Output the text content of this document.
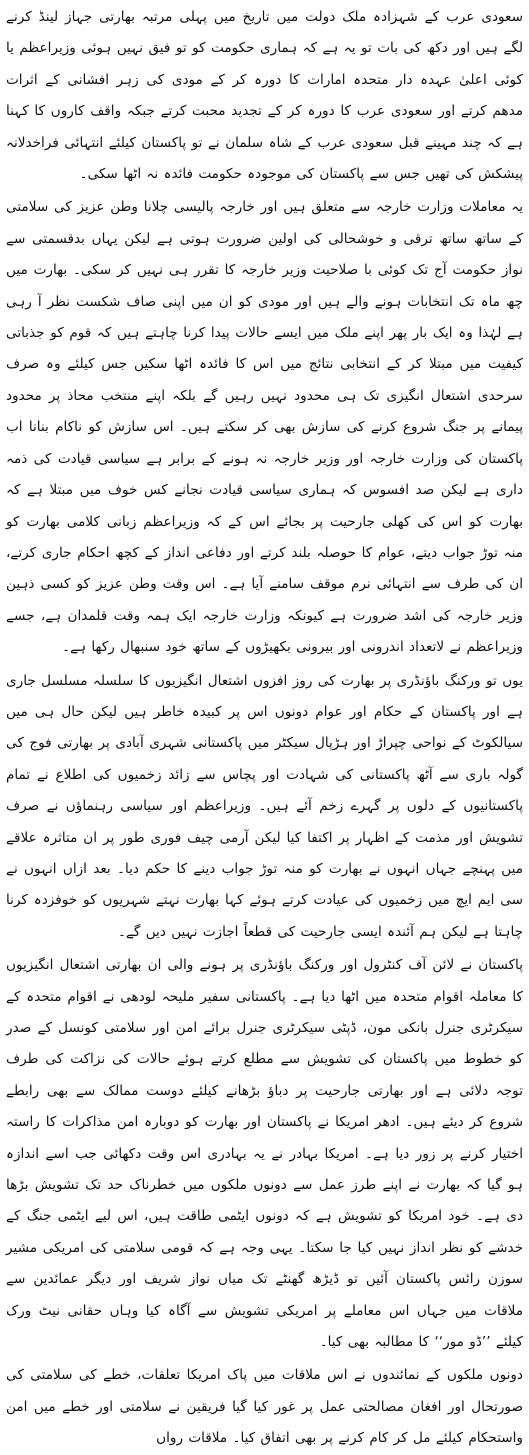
سعودی عرب کے شہزادہ ملک دولت میں تاریخ میں پہلی مرتبہ بھارتی جہاز لینڈ کرنے لگے ہیں اور دکھ کی بات تو یہ ہے کہ ہماری حکومت کو تو فیق نہیں ہوئی وزیراعظم یا کوئی اعلیٰ عہدہ دار متحدہ امارات کا دورہ کر کے مودی کی زہر افشانی کے اثرات مدھم کرتے اور سعودی عرب کا دورہ کر کے تجدید محبت کرتے جبکہ واقف کاروں کا کہنا ہے کہ چند مہینے قبل سعودی عرب کے شاہ سلمان نے تو پاکستان کیلئے انتہائی فراخدلانہ پیشکش کی تھیں جس سے پاکستان کی موجودہ حکومت فائدہ نہ اٹھا سکی۔

یہ معاملات وزارت خارجہ سے متعلق ہیں اور خارجہ پالیسی چلانا وطن عزیز کی سلامتی کے ساتھ ساتھ ترقی و خوشحالی کی اولین ضرورت ہوتی ہے لیکن یہاں بدقسمتی سے نواز حکومت آج تک کوئی با صلاحیت وزیر خارجہ کا تقرر ہی نہیں کر سکی۔ بھارت میں چھ ماہ تک انتخابات ہونے والے ہیں اور مودی کو ان میں اپنی صاف شکست نظر آ رہی ہے لہٰذا وہ ایک بار پھر اپنے ملک میں ایسے حالات پیدا کرنا چاہتے ہیں کہ قوم کو جذباتی کیفیت میں مبتلا کر کے انتخابی نتائج میں اس کا فائدہ اٹھا سکیں جس کیلئے وہ صرف سرحدی اشتعال انگیزی تک ہی محدود نہیں رہیں گے بلکہ اپنے منتخب محاذ پر محدود پیمانے پر جنگ شروع کرنے کی سازش بھی کر سکتے ہیں۔ اس سازش کو ناکام بنانا اب پاکستان کی وزارت خارجہ اور وزیر خارجہ نہ ہونے کے برابر ہے سیاسی قیادت کی ذمہ داری ہے لیکن صد افسوس کہ ہماری سیاسی قیادت نجانے کس خوف میں مبتلا ہے کہ بھارت کو اس کی کھلی جارحیت پر بجائے اس کے کہ وزیراعظم زبانی کلامی بھارت کو منہ توڑ جواب دیتے، عوام کا حوصلہ بلند کرتے اور دفاعی انداز کے کچھ احکام جاری کرتے، ان کی طرف سے انتہائی نرم موقف سامنے آیا ہے۔ اس وقت وطن عزیز کو کسی ذہین وزیر خارجہ کی اشد ضرورت ہے کیونکہ وزارت خارجہ ایک ہمہ وقت قلمدان ہے، جسے وزیراعظم نے لاتعداد اندرونی اور بیرونی بکھیڑوں کے ساتھ خود سنبھال رکھا ہے۔

یوں تو ورکنگ باؤنڈری پر بھارت کی روز افزوں اشتعال انگیزیوں کا سلسلہ مسلسل جاری ہے اور پاکستان کے حکام اور عوام دونوں اس پر کبیدہ خاطر ہیں لیکن حال ہی میں سیالکوٹ کے نواحی چپراڑ اور ہڑپال سیکٹر میں پاکستانی شہری آبادی پر بھارتی فوج کی گولہ باری سے آٹھ پاکستانی کی شہادت اور پچاس سے زائد زخمیوں کی اطلاع نے تمام پاکستانیوں کے دلوں پر گہرے زخم آئے ہیں۔ وزیراعظم اور سیاسی رہنماؤں نے صرف تشویش اور مذمت کے اظہار پر اکتفا کیا لیکن آرمی چیف فوری طور پر ان متاثرہ علاقے میں پہنچے جہاں انہوں نے بھارت کو منہ توڑ جواب دینے کا حکم دیا۔ بعد ازاں انہوں نے سی ایم ایچ میں زخمیوں کی عیادت کرتے ہوئے کہا بھارت نہتے شہریوں کو خوفزدہ کرنا چاہتا ہے لیکن ہم آئندہ ایسی جارحیت کی قطعاً اجازت نہیں دیں گے۔

پاکستان نے لائن آف کنٹرول اور ورکنگ باؤنڈری پر ہونے والی ان بھارتی اشتعال انگیزیوں کا معاملہ اقوام متحدہ میں اٹھا دیا ہے۔ پاکستانی سفیر ملیحہ لودھی نے اقوام متحدہ کے سیکرٹری جنرل بانکی مون، ڈپٹی سیکرٹری جنرل برائے امن اور سلامتی کونسل کے صدر کو خطوط میں پاکستان کی تشویش سے مطلع کرتے ہوئے حالات کی نزاکت کی طرف توجہ دلائی ہے اور بھارتی جارحیت پر دباؤ بڑھانے کیلئے دوست ممالک سے بھی رابطے شروع کر دیئے ہیں۔ ادھر امریکا نے پاکستان اور بھارت کو دوبارہ امن مذاکرات کا راستہ اختیار کرنے پر زور دیا ہے۔ امریکا بہادر نے یہ بہادری اس وقت دکھائی جب اسے اندازہ ہو گیا کہ بھارت نے اپنے طرز عمل سے دونوں ملکوں میں خطرناک حد تک تشویش بڑھا دی ہے۔ خود امریکا کو تشویش ہے کہ دونوں ایٹمی طاقت ہیں، اس لیے ایٹمی جنگ کے خدشے کو نظر انداز نہیں کیا جا سکتا۔ یہی وجہ ہے کہ قومی سلامتی کی امریکی مشیر سوزن رائس پاکستان آئیں تو ڈیڑھ گھنٹے تک میاں نواز شریف اور دیگر عمائدین سے ملاقات میں جہاں اس معاملے پر امریکی تشویش سے آگاہ کیا وہاں حقانی نیٹ ورک کیلئے ’’ڈو مور‘‘ کا مطالبہ بھی کیا۔

دونوں ملکوں کے نمائندوں نے اس ملاقات میں پاک امریکا تعلقات، خطے کی سلامتی کی صورتحال اور افغان مصالحتی عمل پر غور کیا گیا فریقین نے سلامتی اور خطے میں امن واستحکام کیلئے مل کر کام کرنے پر بھی اتفاق کیا۔ ملاقات رواں
